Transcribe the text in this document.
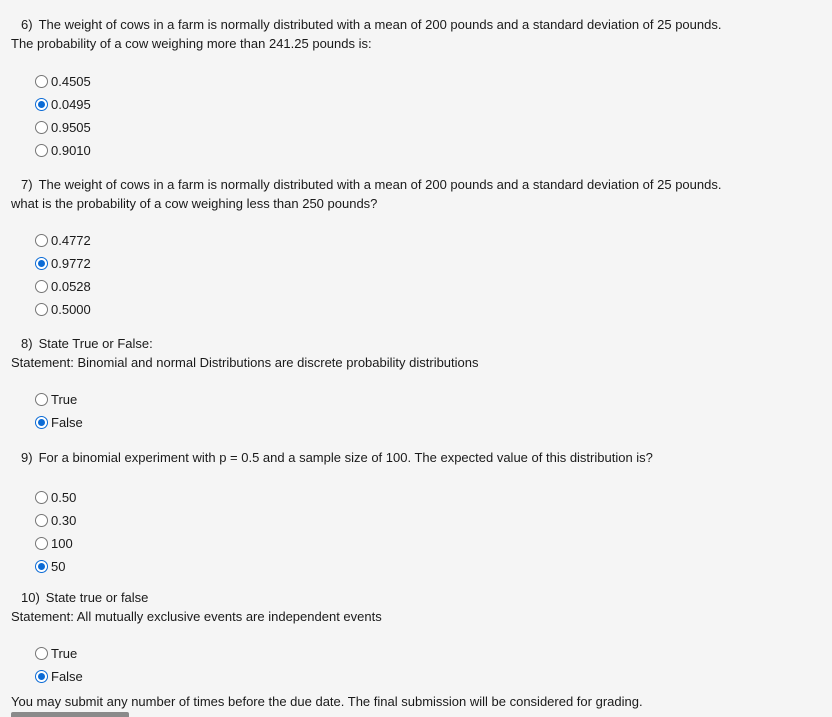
6) The weight of cows in a farm is normally distributed with a mean of 200 pounds and a standard deviation of 25 pounds.
The probability of a cow weighing more than 241.25 pounds is:
0.4505
0.0495
0.9505
0.9010
7) The weight of cows in a farm is normally distributed with a mean of 200 pounds and a standard deviation of 25 pounds.
what is the probability of a cow weighing less than 250 pounds?
0.4772
0.9772
0.0528
0.5000
8) State True or False:
Statement: Binomial and normal Distributions are discrete probability distributions
True
False
9) For a binomial experiment with p = 0.5 and a sample size of 100. The expected value of this distribution is?
0.50
0.30
100
50
10) State true or false
Statement: All mutually exclusive events are independent events
True
False
You may submit any number of times before the due date. The final submission will be considered for grading.
